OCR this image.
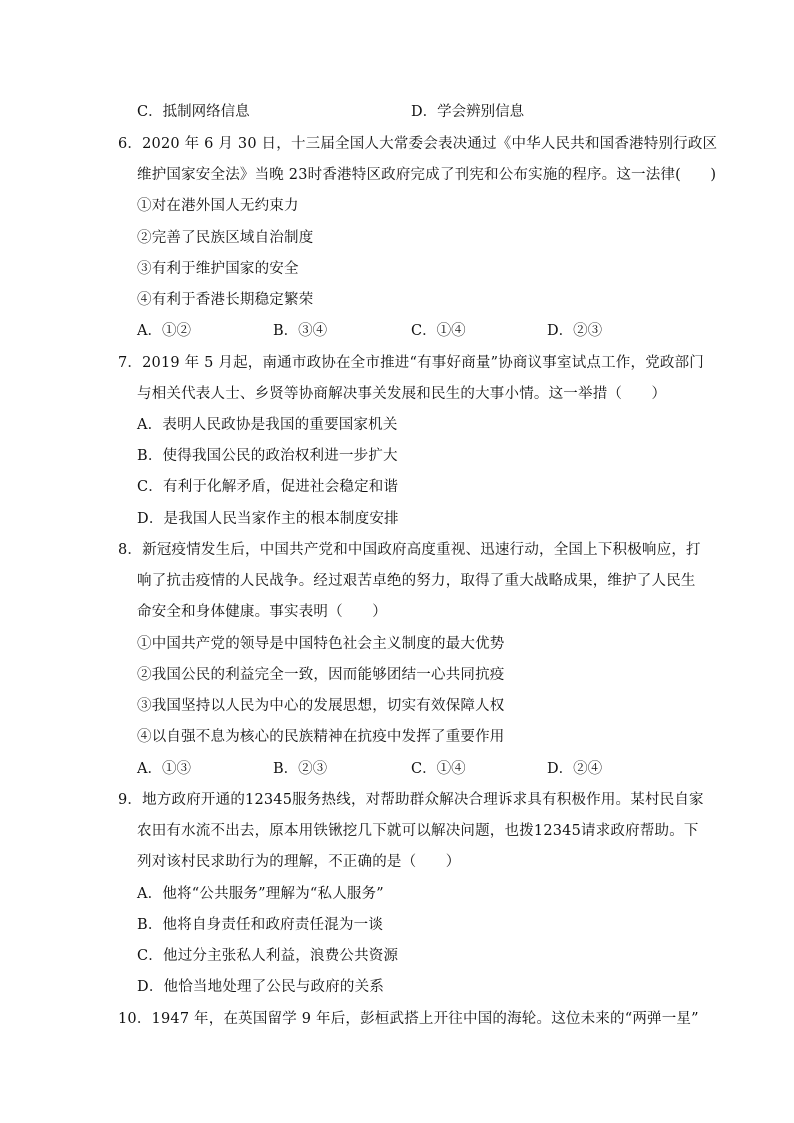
C．抵制网络信息	D．学会辨别信息
6．2020 年 6 月 30 日，十三届全国人大常委会表决通过《中华人民共和国香港特别行政区
维护国家安全法》当晚 23时香港特区政府完成了刊宪和公布实施的程序。这一法律(　　)
①对在港外国人无约束力
②完善了民族区域自治制度
③有利于维护国家的安全
④有利于香港长期稳定繁荣
A．①②	B．③④	C．①④	D．②③
7．2019 年 5 月起，南通市政协在全市推进“有事好商量”协商议事室试点工作，党政部门
与相关代表人士、乡贤等协商解决事关发展和民生的大事小情。这一举措（　　）
A．表明人民政协是我国的重要国家机关
B．使得我国公民的政治权利进一步扩大
C．有利于化解矛盾，促进社会稳定和谐
D．是我国人民当家作主的根本制度安排
8．新冠疫情发生后，中国共产党和中国政府高度重视、迅速行动，全国上下积极响应，打
响了抗击疫情的人民战争。经过艰苦卓绝的努力，取得了重大战略成果，维护了人民生
命安全和身体健康。事实表明（　　）
①中国共产党的领导是中国特色社会主义制度的最大优势
②我国公民的利益完全一致，因而能够团结一心共同抗疫
③我国坚持以人民为中心的发展思想，切实有效保障人权
④以自强不息为核心的民族精神在抗疫中发挥了重要作用
A．①③	B．②③	C．①④	D．②④
9．地方政府开通的12345服务热线，对帮助群众解决合理诉求具有积极作用。某村民自家
农田有水流不出去，原本用铁锹挖几下就可以解决问题，也拨12345请求政府帮助。下
列对该村民求助行为的理解，不正确的是（　　）
A．他将“公共服务”理解为“私人服务”
B．他将自身责任和政府责任混为一谈
C．他过分主张私人利益，浪费公共资源
D．他恰当地处理了公民与政府的关系
10．1947 年，在英国留学 9 年后，彭桓武搭上开往中国的海轮。这位未来的“两弹一星”
